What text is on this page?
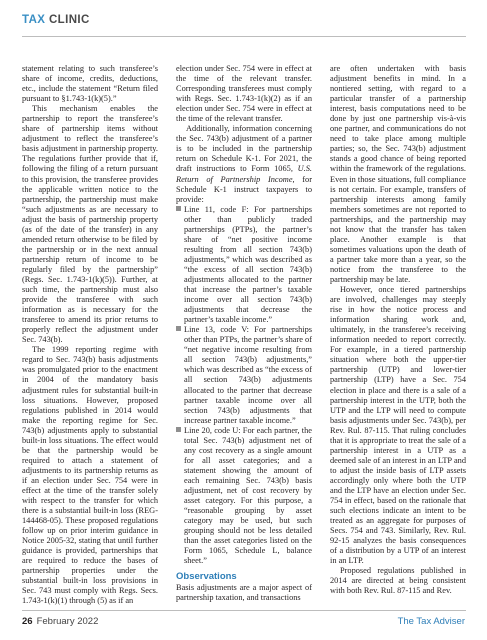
TAX CLINIC

statement relating to such transferee’s share of income, credits, deductions, etc., include the statement “Return filed pursuant to §1.743-1(k)(5).”

This mechanism enables the partnership to report the transferee’s share of partnership items without adjustment to reflect the transferee’s basis adjustment in partnership property. The regulations further provide that if, following the filing of a return pursuant to this provision, the transferee provides the applicable written notice to the partnership, the partnership must make “such adjustments as are necessary to adjust the basis of partnership property (as of the date of the transfer) in any amended return otherwise to be filed by the partnership or in the next annual partnership return of income to be regularly filed by the partnership” (Regs. Sec. 1.743-1(k)(5)). Further, at such time, the partnership must also provide the transferee with such information as is necessary for the transferee to amend its prior returns to properly reflect the adjustment under Sec. 743(b).

The 1999 reporting regime with regard to Sec. 743(b) basis adjustments was promulgated prior to the enactment in 2004 of the mandatory basis adjustment rules for substantial built-in loss situations. However, proposed regulations published in 2014 would make the reporting regime for Sec. 743(b) adjustments apply to substantial built-in loss situations. The effect would be that the partnership would be required to attach a statement of adjustments to its partnership returns as if an election under Sec. 754 were in effect at the time of the transfer solely with respect to the transfer for which there is a substantial built-in loss (REG-144468-05). These proposed regulations follow up on prior interim guidance in Notice 2005-32, stating that until further guidance is provided, partnerships that are required to reduce the bases of partnership properties under the substantial built-in loss provisions in Sec. 743 must comply with Regs. Secs. 1.743-1(k)(1) through (5) as if an

election under Sec. 754 were in effect at the time of the relevant transfer. Corresponding transferees must comply with Regs. Sec. 1.743-1(k)(2) as if an election under Sec. 754 were in effect at the time of the relevant transfer.

Additionally, information concerning the Sec. 743(b) adjustment of a partner is to be included in the partnership return on Schedule K-1. For 2021, the draft instructions to Form 1065, U.S. Return of Partnership Income, for Schedule K-1 instruct taxpayers to provide:

Line 11, code F: For partnerships other than publicly traded partnerships (PTPs), the partner’s share of “net positive income resulting from all section 743(b) adjustments,” which was described as “the excess of all section 743(b) adjustments allocated to the partner that increase the partner’s taxable income over all section 743(b) adjustments that decrease the partner’s taxable income.”

Line 13, code V: For partnerships other than PTPs, the partner’s share of “net negative income resulting from all section 743(b) adjustments,” which was described as “the excess of all section 743(b) adjustments allocated to the partner that decrease partner taxable income over all section 743(b) adjustments that increase partner taxable income.”

Line 20, code U: For each partner, the total Sec. 743(b) adjustment net of any cost recovery as a single amount for all asset categories; and a statement showing the amount of each remaining Sec. 743(b) basis adjustment, net of cost recovery by asset category. For this purpose, a “reasonable grouping by asset category may be used, but such grouping should not be less detailed than the asset categories listed on the Form 1065, Schedule L, balance sheet.”

Observations

Basis adjustments are a major aspect of partnership taxation, and transactions

are often undertaken with basis adjustment benefits in mind. In a nontiered setting, with regard to a particular transfer of a partnership interest, basis computations need to be done by just one partnership vis-à-vis one partner, and communications do not need to take place among multiple parties; so, the Sec. 743(b) adjustment stands a good chance of being reported within the framework of the regulations. Even in those situations, full compliance is not certain. For example, transfers of partnership interests among family members sometimes are not reported to partnerships, and the partnership may not know that the transfer has taken place. Another example is that sometimes valuations upon the death of a partner take more than a year, so the notice from the transferee to the partnership may be late.

However, once tiered partnerships are involved, challenges may steeply rise in how the notice process and information sharing work and, ultimately, in the transferee’s receiving information needed to report correctly. For example, in a tiered partnership situation where both the upper-tier partnership (UTP) and lower-tier partnership (LTP) have a Sec. 754 election in place and there is a sale of a partnership interest in the UTP, both the UTP and the LTP will need to compute basis adjustments under Sec. 743(b), per Rev. Rul. 87-115. That ruling concludes that it is appropriate to treat the sale of a partnership interest in a UTP as a deemed sale of an interest in an LTP and to adjust the inside basis of LTP assets accordingly only where both the UTP and the LTP have an election under Sec. 754 in effect, based on the rationale that such elections indicate an intent to be treated as an aggregate for purposes of Secs. 754 and 743. Similarly, Rev. Rul. 92-15 analyzes the basis consequences of a distribution by a UTP of an interest in an LTP.

Proposed regulations published in 2014 are directed at being consistent with both Rev. Rul. 87-115 and Rev.

26 February 2022	The Tax Adviser
